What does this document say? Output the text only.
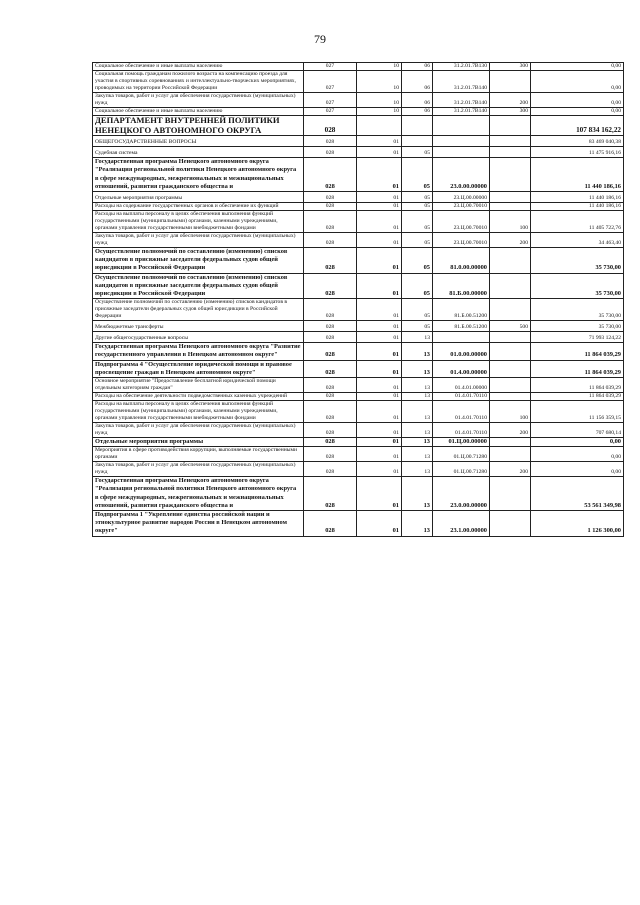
79
Социальное обеспечение и иные выплаты населению	027	10	06	31.2.01.7В130	300	0,00
Социальная помощь гражданам пожилого возраста на компенсацию проезда для участия в спортивных соревнованиях и интеллектуально-творческих мероприятиях, проводимых на территории Российской Федерации	027	10	06	31.2.01.7В140		0,00
Закупка товаров, работ и услуг для обеспечения государственных (муниципальных) нужд	027	10	06	31.2.01.7В140	200	0,00
Социальное обеспечение и иные выплаты населению	027	10	06	31.2.01.7В140	300	0,00
ДЕПАРТАМЕНТ ВНУТРЕННЕЙ ПОЛИТИКИ НЕНЕЦКОГО АВТОНОМНОГО ОКРУГА	028					107 834 162,22
ОБЩЕГОСУДАРСТВЕННЫЕ ВОПРОСЫ	028	01				83 469 040,38
Судебная система	028	01	05			11 475 916,16
Государственная программа Ненецкого автономного округа "Реализация региональной политики Ненецкого автономного округа в сфере международных, межрегиональных и межнациональных отношений, развития гражданского общества и	028	01	05	23.0.00.00000		11 440 186,16
Отдельные мероприятия программы	028	01	05	23.Ц.00.00000		11 440 186,16
Расходы на содержание государственных органов и обеспечение их функций	028	01	05	23.Ц.00.70010		11 440 186,16
Расходы на выплаты персоналу в целях обеспечения выполнения функций государственными (муниципальными) органами, казенными учреждениями, органами управления государственными внебюджетными фондами	028	01	05	23.Ц.00.70010	100	11 405 722,76
Закупка товаров, работ и услуг для обеспечения государственных (муниципальных) нужд	028	01	05	23.Ц.00.70010	200	34 463,40
Осуществление полномочий по составлению (изменению) списков кандидатов в присяжные заседатели федеральных судов общей юрисдикции в Российской Федерации	028	01	05	81.0.00.00000		35 730,00
Осуществление полномочий по составлению (изменению) списков кандидатов в присяжные заседатели федеральных судов общей юрисдикции в Российской Федерации	028	01	05	81.Б.00.00000		35 730,00
Осуществление полномочий по составлению (изменению) списков кандидатов в присяжные заседатели федеральных судов общей юрисдикции в Российской Федерации	028	01	05	81.Б.00.51200		35 730,00
Межбюджетные трансферты	028	01	05	81.Б.00.51200	500	35 730,00
Другие общегосударственные вопросы	028	01	13			71 993 124,22
Государственная программа Ненецкого автономного округа "Развитие государственного управления в Ненецком автономном округе"	028	01	13	01.0.00.00000		11 864 039,29
Подпрограмма 4 "Осуществление юридической помощи и правовое просвещение граждан в Ненецком автономном округе"	028	01	13	01.4.00.00000		11 864 039,29
Основное мероприятие "Предоставление бесплатной юридической помощи отдельным категориям граждан"	028	01	13	01.4.01.00000		11 864 039,29
Расходы на обеспечение деятельности подведомственных казенных учреждений	028	01	13	01.4.01.70110		11 864 039,29
Расходы на выплаты персоналу в целях обеспечения выполнения функций государственными (муниципальными) органами, казенными учреждениями, органами управления государственными внебюджетными фондами	028	01	13	01.4.01.70110	100	11 156 359,15
Закупка товаров, работ и услуг для обеспечения государственных (муниципальных) нужд	028	01	13	01.4.01.70110	200	707 680,14
Отдельные мероприятия программы	028	01	13	01.Ц.00.00000		0,00
Мероприятия в сфере противодействия коррупции, выполняемые государственными органами	028	01	13	01.Ц.00.71280		0,00
Закупка товаров, работ и услуг для обеспечения государственных (муниципальных) нужд	028	01	13	01.Ц.00.71280	200	0,00
Государственная программа Ненецкого автономного округа "Реализация региональной политики Ненецкого автономного округа в сфере международных, межрегиональных и межнациональных отношений, развития гражданского общества и	028	01	13	23.0.00.00000		53 561 349,98
Подпрограмма 1 "Укрепление единства российской нации и этнокультурное развитие народов России в Ненецком автономном округе"	028	01	13	23.1.00.00000		1 126 300,00
